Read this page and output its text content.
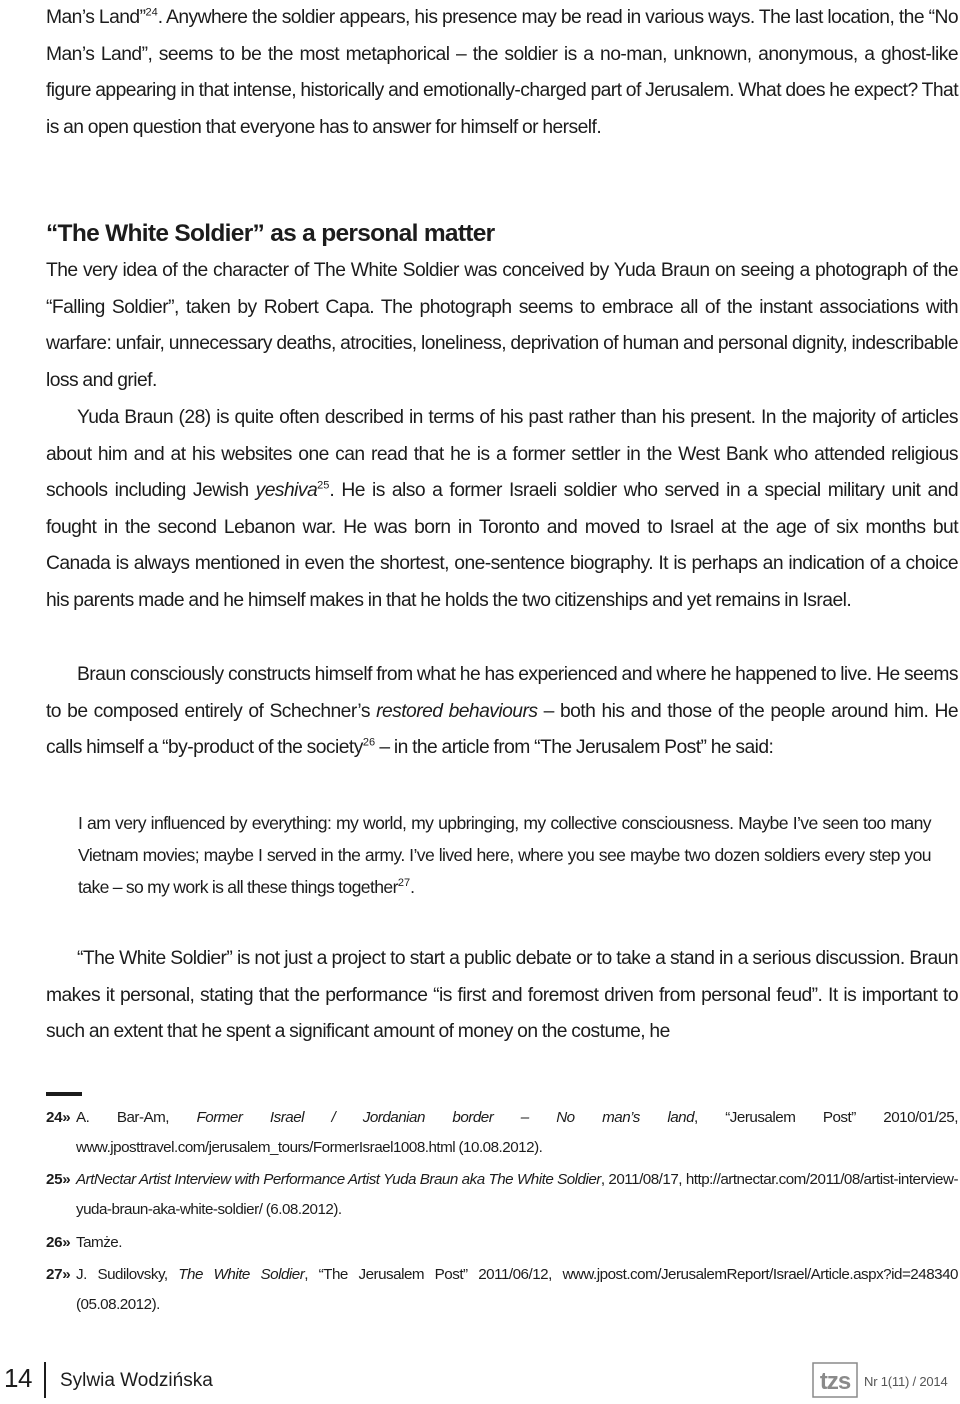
Man’s Land”$^{24}$. Anywhere the soldier appears, his presence may be read in various ways. The last location, the “No Man’s Land”, seems to be the most metaphorical – the soldier is a no-man, unknown, anonymous, a ghost-like figure appearing in that intense, historically and emotionally-charged part of Jerusalem. What does he expect? That is an open question that everyone has to answer for himself or herself.

“The White Soldier” as a personal matter

The very idea of the character of The White Soldier was conceived by Yuda Braun on seeing a photograph of the “Falling Soldier”, taken by Robert Capa. The photograph seems to embrace all of the instant associations with warfare: unfair, unnecessary deaths, atrocities, loneliness, deprivation of human and personal dignity, indescribable loss and grief.

Yuda Braun (28) is quite often described in terms of his past rather than his present. In the majority of articles about him and at his websites one can read that he is a former settler in the West Bank who attended religious schools including Jewish yeshiva$^{25}$. He is also a former Israeli soldier who served in a special military unit and fought in the second Lebanon war. He was born in Toronto and moved to Israel at the age of six months but Canada is always mentioned in even the shortest, one-sentence biography. It is perhaps an indication of a choice his parents made and he himself makes in that he holds the two citizenships and yet remains in Israel.

Braun consciously constructs himself from what he has experienced and where he happened to live. He seems to be composed entirely of Schechner’s restored behaviours – both his and those of the people around him. He calls himself a “by-product of the society$^{26}$ – in the article from “The Jerusalem Post” he said:

I am very influenced by everything: my world, my upbringing, my collective consciousness. Maybe I’ve seen too many Vietnam movies; maybe I served in the army. I’ve lived here, where you see maybe two dozen soldiers every step you take – so my work is all these things together$^{27}$.

“The White Soldier” is not just a project to start a public debate or to take a stand in a serious discussion. Braun makes it personal, stating that the performance “is first and foremost driven from personal feud”. It is important to such an extent that he spent a significant amount of money on the costume, he

24» A. Bar-Am, Former Israel / Jordanian border – No man’s land, “Jerusalem Post” 2010/01/25, www.jposttravel.com/jerusalem_tours/FormerIsrael1008.html (10.08.2012).
25» ArtNectar Artist Interview with Performance Artist Yuda Braun aka The White Soldier, 2011/08/17, http://artnectar.com/2011/08/artist-interview-yuda-braun-aka-white-soldier/ (6.08.2012).
26» Tamże.
27» J. Sudilovsky, The White Soldier, “The Jerusalem Post” 2011/06/12, www.jpost.com/JerusalemReport/Israel/Article.aspx?id=248340 (05.08.2012).
14 Sylwia Wodzińska	tzs Nr 1(11) / 2014
